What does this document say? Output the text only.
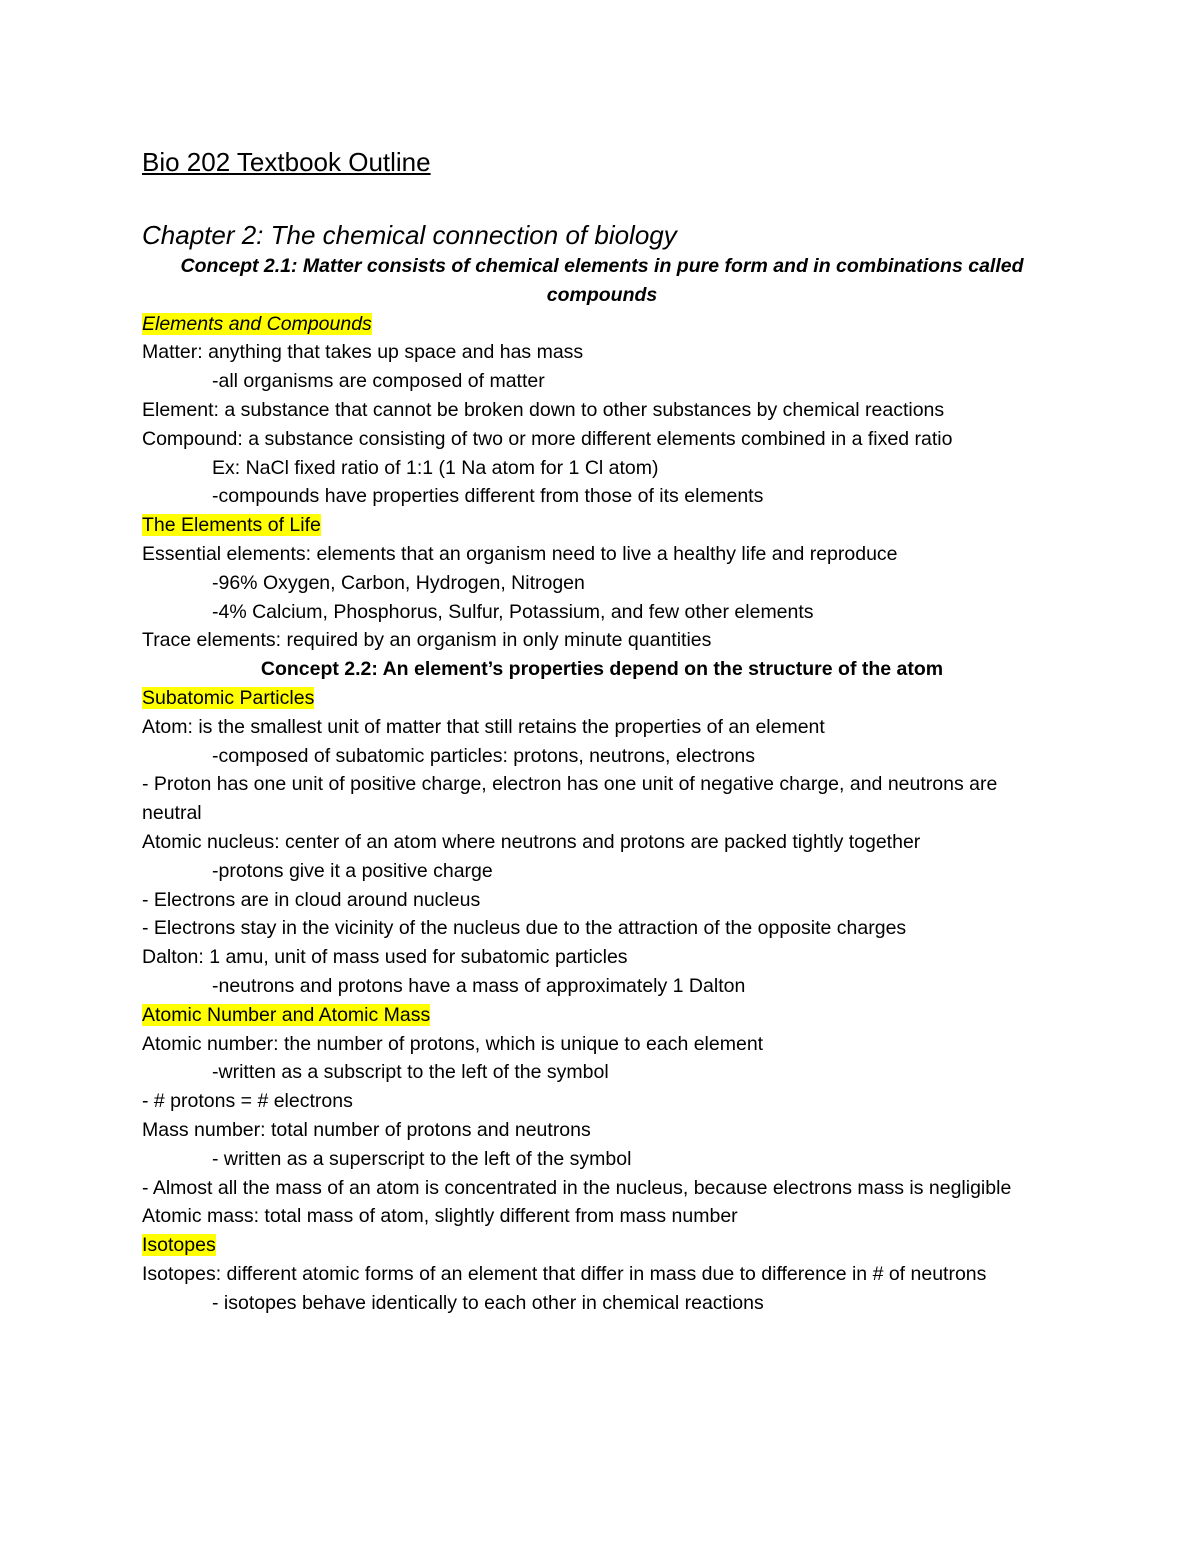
Bio 202 Textbook Outline
Chapter 2: The chemical connection of biology
Concept 2.1: Matter consists of chemical elements in pure form and in combinations called compounds
Elements and Compounds
Matter: anything that takes up space and has mass
-all organisms are composed of matter
Element: a substance that cannot be broken down to other substances by chemical reactions
Compound: a substance consisting of two or more different elements combined in a fixed ratio
Ex: NaCl fixed ratio of 1:1 (1 Na atom for 1 Cl atom)
-compounds have properties different from those of its elements
The Elements of Life
Essential elements: elements that an organism need to live a healthy life and reproduce
-96% Oxygen, Carbon, Hydrogen, Nitrogen
-4% Calcium, Phosphorus, Sulfur, Potassium, and few other elements
Trace elements: required by an organism in only minute quantities
Concept 2.2: An element’s properties depend on the structure of the atom
Subatomic Particles
Atom: is the smallest unit of matter that still retains the properties of an element
-composed of subatomic particles: protons, neutrons, electrons
- Proton has one unit of positive charge, electron has one unit of negative charge, and neutrons are neutral
Atomic nucleus: center of an atom where neutrons and protons are packed tightly together
-protons give it a positive charge
- Electrons are in cloud around nucleus
- Electrons stay in the vicinity of the nucleus due to the attraction of the opposite charges
Dalton: 1 amu, unit of mass used for subatomic particles
-neutrons and protons have a mass of approximately 1 Dalton
Atomic Number and Atomic Mass
Atomic number: the number of protons, which is unique to each element
-written as a subscript to the left of the symbol
- # protons = # electrons
Mass number: total number of protons and neutrons
- written as a superscript to the left of the symbol
- Almost all the mass of an atom is concentrated in the nucleus, because electrons mass is negligible
Atomic mass: total mass of atom, slightly different from mass number
Isotopes
Isotopes: different atomic forms of an element that differ in mass due to difference in # of neutrons
- isotopes behave identically to each other in chemical reactions
